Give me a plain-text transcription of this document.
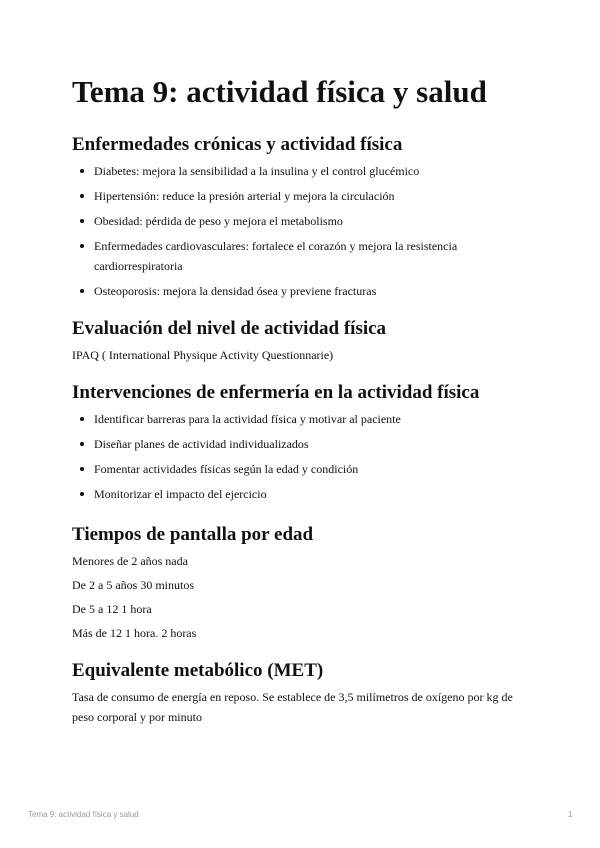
Tema 9: actividad física y salud
Enfermedades crónicas y actividad física
Diabetes: mejora la sensibilidad a la insulina y el control glucémico
Hipertensión: reduce la presión arterial y mejora la circulación
Obesidad: pérdida de peso y mejora el metabolismo
Enfermedades cardiovasculares: fortalece el corazón y mejora la resistencia cardiorrespiratoria
Osteoporosis: mejora la densidad ósea y previene fracturas
Evaluación del nivel de actividad física

IPAQ ( International Physique Activity Questionnarie)

Intervenciones de enfermería en la actividad física
Identificar barreras para la actividad física y motivar al paciente
Diseñar planes de actividad individualizados
Fomentar actividades físicas según la edad y condición
Monitorizar el impacto del ejercicio
Tiempos de pantalla por edad

Menores de 2 años nada

De 2 a 5 años 30 minutos

De 5 a 12 1 hora

Más de 12 1 hora. 2 horas

Equivalente metabólico (MET)

Tasa de consumo de energía en reposo. Se establece de 3,5 milímetros de oxígeno por kg de peso corporal y por minuto

Tema 9: actividad física y salud	1
